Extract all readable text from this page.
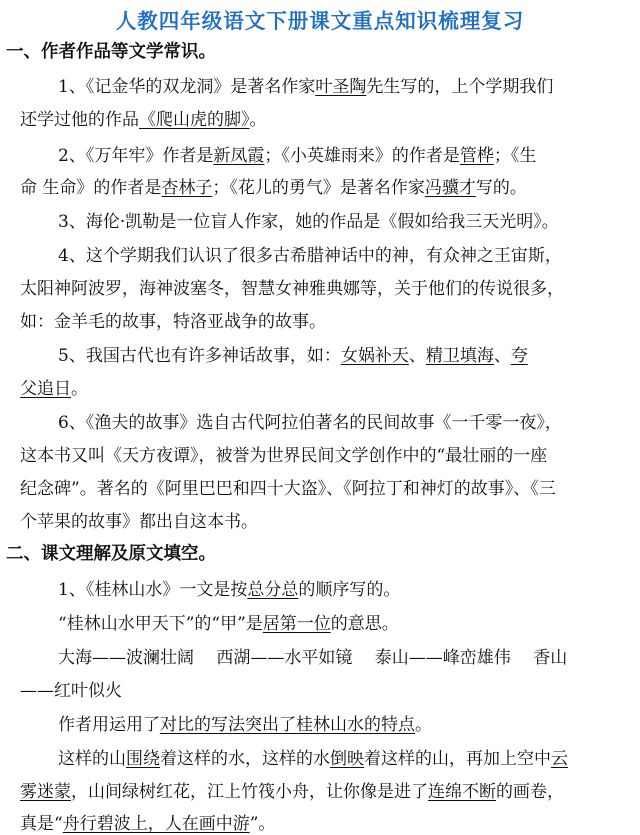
人教四年级语文下册课文重点知识梳理复习
一、作者作品等文学常识。
1、《记金华的双龙洞》是著名作家叶圣陶先生写的，上个学期我们
还学过他的作品《爬山虎的脚》。
2、《万年牢》作者是新凤霞；《小英雄雨来》的作者是管桦；《生
命 生命》的作者是杏林子；《花儿的勇气》是著名作家冯骥才写的。
3、海伦·凯勒是一位盲人作家，她的作品是《假如给我三天光明》。
4、这个学期我们认识了很多古希腊神话中的神，有众神之王宙斯，
太阳神阿波罗，海神波塞冬，智慧女神雅典娜等，关于他们的传说很多，
如：金羊毛的故事，特洛亚战争的故事。
5、我国古代也有许多神话故事，如：女娲补天、精卫填海、夸
父追日。
6、《渔夫的故事》选自古代阿拉伯著名的民间故事《一千零一夜》，
这本书又叫《天方夜谭》，被誉为世界民间文学创作中的“最壮丽的一座
纪念碑”。著名的《阿里巴巴和四十大盗》、《阿拉丁和神灯的故事》、《三
个苹果的故事》都出自这本书。
二、课文理解及原文填空。
1、《桂林山水》一文是按总分总的顺序写的。
“桂林山水甲天下”的“甲”是居第一位的意思。
大海——波澜壮阔　 西湖——水平如镜　 泰山——峰峦雄伟　 香山
——红叶似火
作者用运用了对比的写法突出了桂林山水的特点。
这样的山围绕着这样的水，这样的水倒映着这样的山，再加上空中云
雾迷蒙，山间绿树红花，江上竹筏小舟，让你像是进了连绵不断的画卷，
真是“舟行碧波上，人在画中游”。
